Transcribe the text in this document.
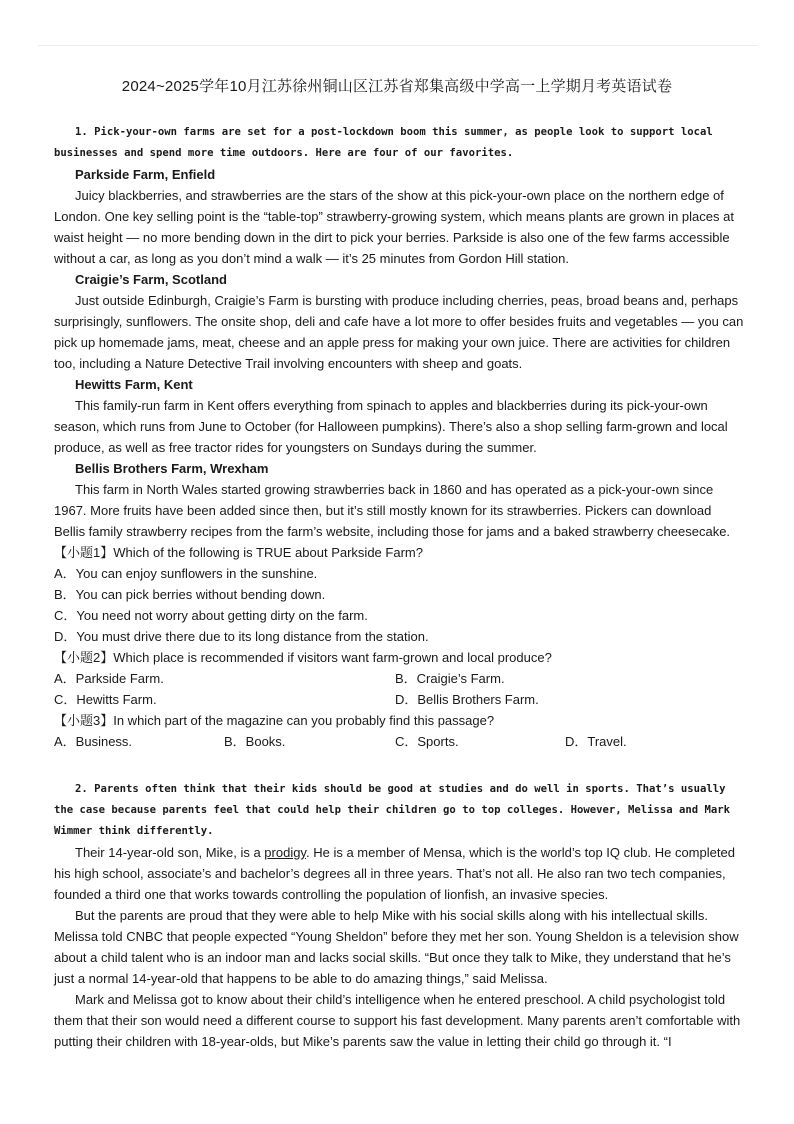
2024~2025学年10月江苏徐州铜山区江苏省郑集高级中学高一上学期月考英语试卷

1. Pick-your-own farms are set for a post-lockdown boom this summer, as people look to support local businesses and spend more time outdoors. Here are four of our favorites.

Parkside Farm, Enfield

Juicy blackberries, and strawberries are the stars of the show at this pick-your-own place on the northern edge of London. One key selling point is the “table-top” strawberry-growing system, which means plants are grown in places at waist height — no more bending down in the dirt to pick your berries. Parkside is also one of the few farms accessible without a car, as long as you don’t mind a walk — it’s 25 minutes from Gordon Hill station.

Craigie’s Farm, Scotland

Just outside Edinburgh, Craigie’s Farm is bursting with produce including cherries, peas, broad beans and, perhaps surprisingly, sunflowers. The onsite shop, deli and cafe have a lot more to offer besides fruits and vegetables — you can pick up homemade jams, meat, cheese and an apple press for making your own juice. There are activities for children too, including a Nature Detective Trail involving encounters with sheep and goats.

Hewitts Farm, Kent

This family-run farm in Kent offers everything from spinach to apples and blackberries during its pick-your-own season, which runs from June to October (for Halloween pumpkins). There’s also a shop selling farm-grown and local produce, as well as free tractor rides for youngsters on Sundays during the summer.

Bellis Brothers Farm, Wrexham

This farm in North Wales started growing strawberries back in 1860 and has operated as a pick-your-own since 1967. More fruits have been added since then, but it’s still mostly known for its strawberries. Pickers can download Bellis family strawberry recipes from the farm’s website, including those for jams and a baked strawberry cheesecake.

【小题1】Which of the following is TRUE about Parkside Farm?

A．You can enjoy sunflowers in the sunshine.

B．You can pick berries without bending down.

C．You need not worry about getting dirty on the farm.

D．You must drive there due to its long distance from the station.

【小题2】Which place is recommended if visitors want farm-grown and local produce?

A．Parkside Farm.	B．Craigie’s Farm.
C．Hewitts Farm.	D．Bellis Brothers Farm.

【小题3】In which part of the magazine can you probably find this passage?

A．Business.	B．Books.	C．Sports.	D．Travel.

2. Parents often think that their kids should be good at studies and do well in sports. That’s usually the case because parents feel that could help their children go to top colleges. However, Melissa and Mark Wimmer think differently.

Their 14-year-old son, Mike, is a prodigy. He is a member of Mensa, which is the world’s top IQ club. He completed his high school, associate’s and bachelor’s degrees all in three years. That’s not all. He also ran two tech companies, founded a third one that works towards controlling the population of lionfish, an invasive species.

But the parents are proud that they were able to help Mike with his social skills along with his intellectual skills. Melissa told CNBC that people expected “Young Sheldon” before they met her son. Young Sheldon is a television show about a child talent who is an indoor man and lacks social skills. “But once they talk to Mike, they understand that he’s just a normal 14-year-old that happens to be able to do amazing things,” said Melissa.

Mark and Melissa got to know about their child’s intelligence when he entered preschool. A child psychologist told them that their son would need a different course to support his fast development. Many parents aren’t comfortable with putting their children with 18-year-olds, but Mike’s parents saw the value in letting their child go through it. “I
